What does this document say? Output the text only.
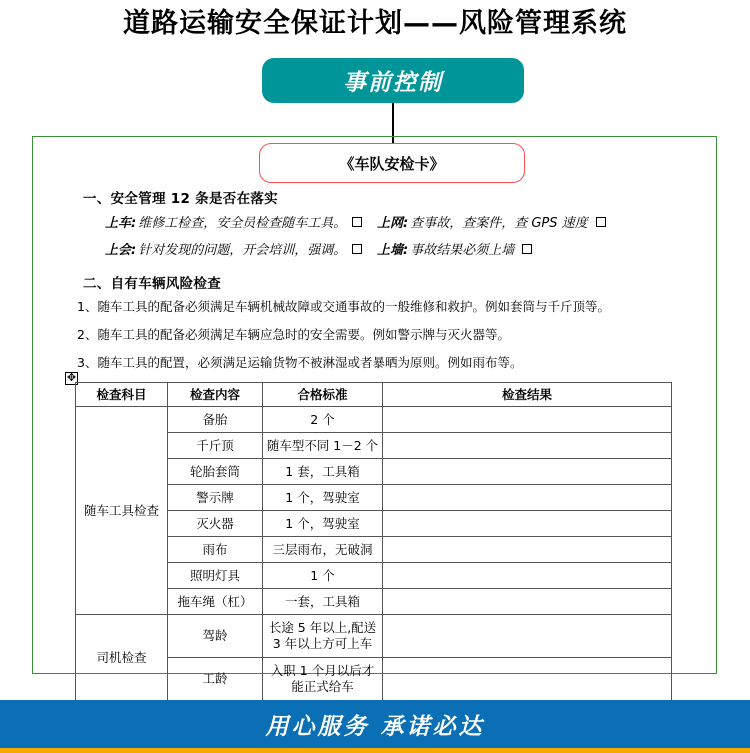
道路运输安全保证计划——风险管理系统
事前控制
《车队安检卡》
一、安全管理 12 条是否在落实
上车: 维修工检查，安全员检查随车工具。 上网: 查事故，查案件，查 GPS 速度
上会: 针对发现的问题，开会培训，强调。 上墙: 事故结果必须上墙
二、自有车辆风险检查
1、随车工具的配备必须满足车辆机械故障或交通事故的一般维修和救护。例如套筒与千斤顶等。
2、随车工具的配备必须满足车辆应急时的安全需要。例如警示牌与灭火器等。
3、随车工具的配置，必须满足运输货物不被淋湿或者暴晒为原则。例如雨布等。
✥
检查科目	检查内容	合格标准	检查结果
随车工具检查	备胎	2 个	
	千斤顶	随车型不同 1－2 个	
	轮胎套筒	1 套，工具箱	
	警示牌	1 个，驾驶室	
	灭火器	1 个，驾驶室	
	雨布	三层雨布，无破洞	
	照明灯具	1 个	
	拖车绳（杠）	一套，工具箱	
司机检查	驾龄	长途 5 年以上,配送 3 年以上方可上车	
	工龄	入职 1 个月以后才能正式给车	
用心服务 承诺必达
